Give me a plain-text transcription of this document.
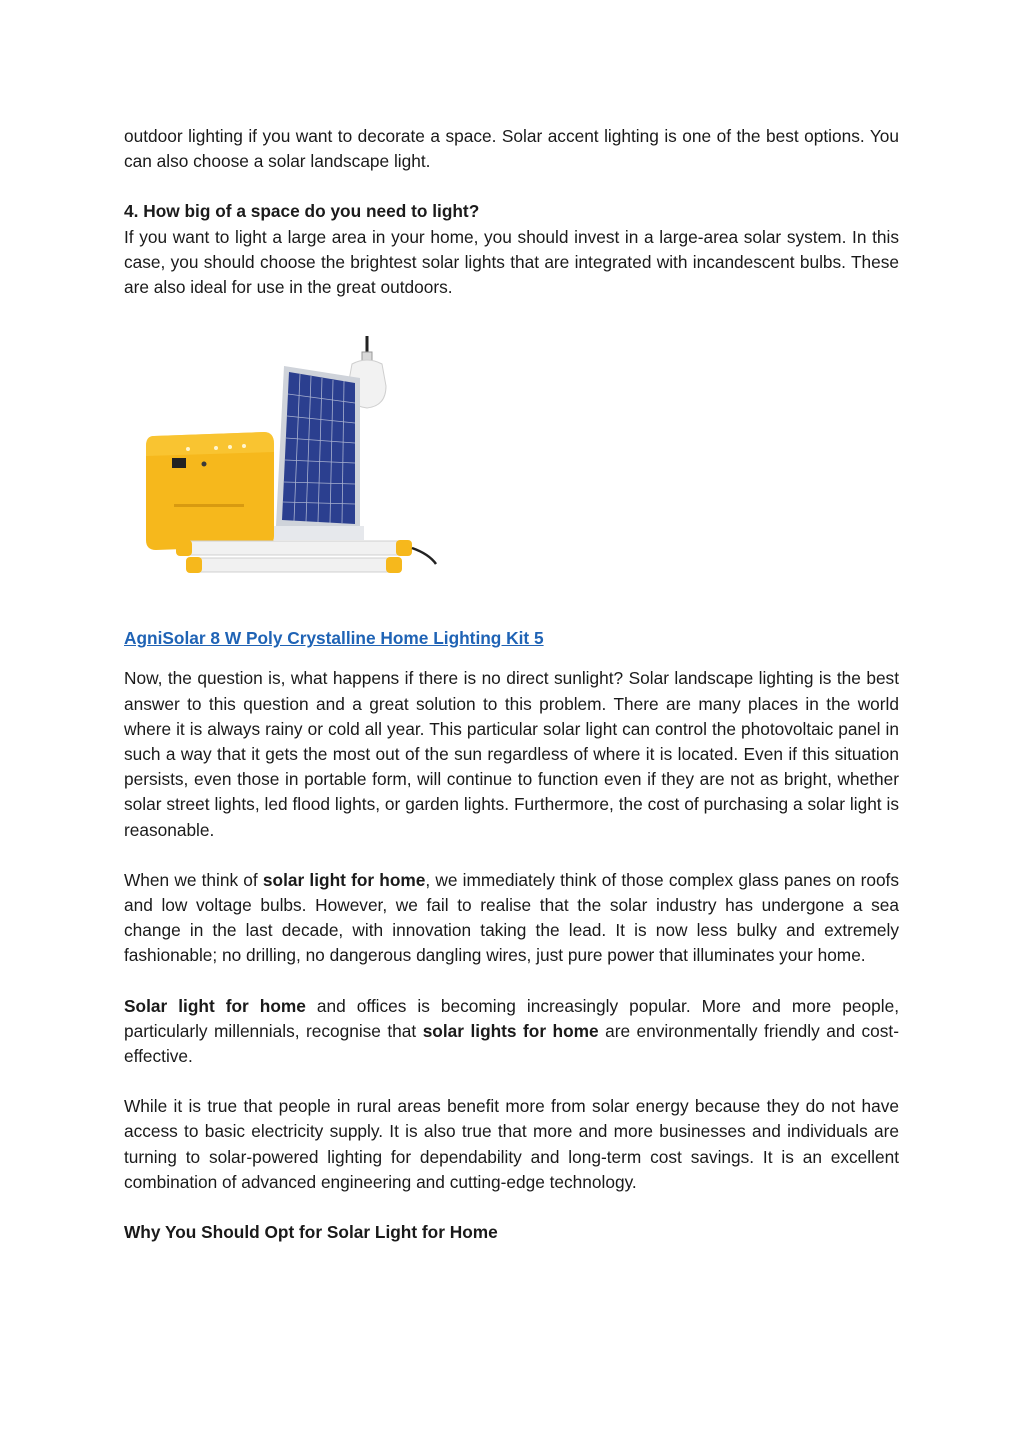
outdoor lighting if you want to decorate a space. Solar accent lighting is one of the best options. You can also choose a solar landscape light.

4. How big of a space do you need to light?

If you want to light a large area in your home, you should invest in a large-area solar system. In this case, you should choose the brightest solar lights that are integrated with incandescent bulbs. These are also ideal for use in the great outdoors.

AgniSolar 8 W Poly Crystalline Home Lighting Kit 5

Now, the question is, what happens if there is no direct sunlight? Solar landscape lighting is the best answer to this question and a great solution to this problem. There are many places in the world where it is always rainy or cold all year. This particular solar light can control the photovoltaic panel in such a way that it gets the most out of the sun regardless of where it is located. Even if this situation persists, even those in portable form, will continue to function even if they are not as bright, whether solar street lights, led flood lights, or garden lights. Furthermore, the cost of purchasing a solar light is reasonable.

When we think of solar light for home, we immediately think of those complex glass panes on roofs and low voltage bulbs. However, we fail to realise that the solar industry has undergone a sea change in the last decade, with innovation taking the lead. It is now less bulky and extremely fashionable; no drilling, no dangerous dangling wires, just pure power that illuminates your home.

Solar light for home and offices is becoming increasingly popular. More and more people, particularly millennials, recognise that solar lights for home are environmentally friendly and cost-effective.

While it is true that people in rural areas benefit more from solar energy because they do not have access to basic electricity supply. It is also true that more and more businesses and individuals are turning to solar-powered lighting for dependability and long-term cost savings. It is an excellent combination of advanced engineering and cutting-edge technology.

Why You Should Opt for Solar Light for Home
